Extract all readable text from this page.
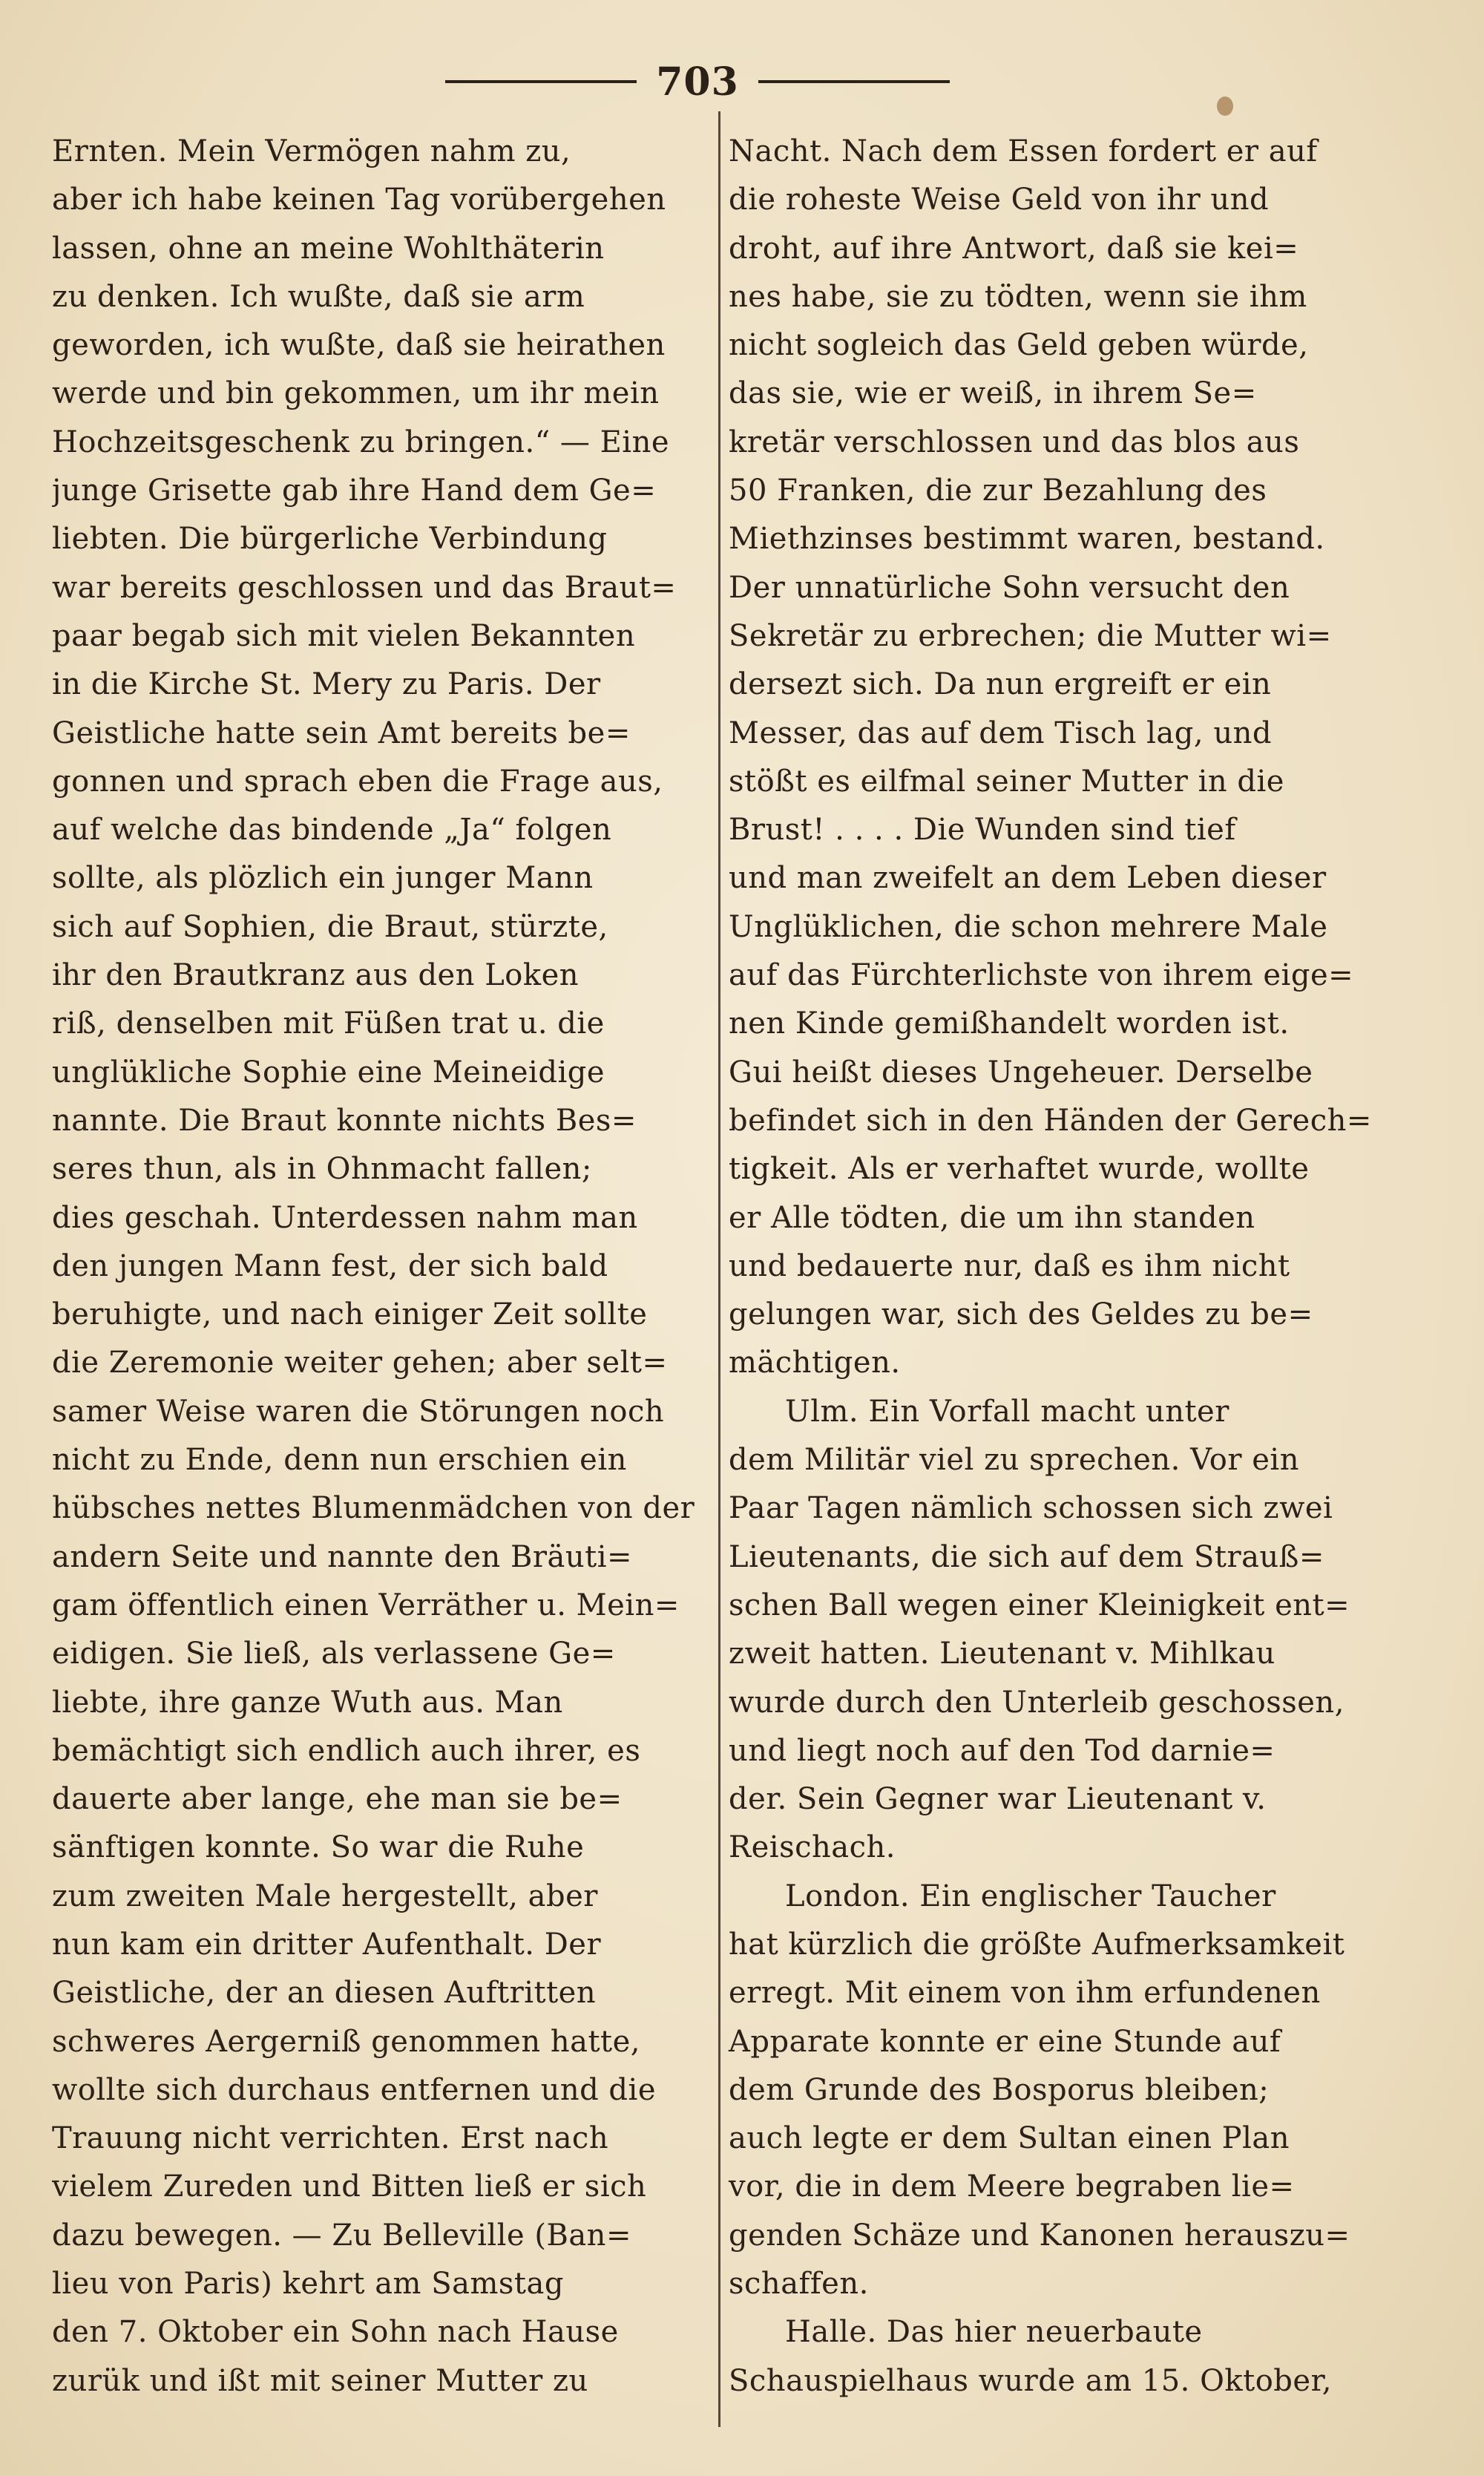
703
Ernten. Mein Vermögen nahm zu,
aber ich habe keinen Tag vorübergehen
lassen, ohne an meine Wohlthäterin
zu denken. Ich wußte, daß sie arm
geworden, ich wußte, daß sie heirathen
werde und bin gekommen, um ihr mein
Hochzeitsgeschenk zu bringen.“ — Eine
junge Grisette gab ihre Hand dem Ge=
liebten. Die bürgerliche Verbindung
war bereits geschlossen und das Braut=
paar begab sich mit vielen Bekannten
in die Kirche St. Mery zu Paris. Der
Geistliche hatte sein Amt bereits be=
gonnen und sprach eben die Frage aus,
auf welche das bindende „Ja“ folgen
sollte, als plözlich ein junger Mann
sich auf Sophien, die Braut, stürzte,
ihr den Brautkranz aus den Loken
riß, denselben mit Füßen trat u. die
unglükliche Sophie eine Meineidige
nannte. Die Braut konnte nichts Bes=
seres thun, als in Ohnmacht fallen;
dies geschah. Unterdessen nahm man
den jungen Mann fest, der sich bald
beruhigte, und nach einiger Zeit sollte
die Zeremonie weiter gehen; aber selt=
samer Weise waren die Störungen noch
nicht zu Ende, denn nun erschien ein
hübsches nettes Blumenmädchen von der
andern Seite und nannte den Bräuti=
gam öffentlich einen Verräther u. Mein=
eidigen. Sie ließ, als verlassene Ge=
liebte, ihre ganze Wuth aus. Man
bemächtigt sich endlich auch ihrer, es
dauerte aber lange, ehe man sie be=
sänftigen konnte. So war die Ruhe
zum zweiten Male hergestellt, aber
nun kam ein dritter Aufenthalt. Der
Geistliche, der an diesen Auftritten
schweres Aergerniß genommen hatte,
wollte sich durchaus entfernen und die
Trauung nicht verrichten. Erst nach
vielem Zureden und Bitten ließ er sich
dazu bewegen. — Zu Belleville (Ban=
lieu von Paris) kehrt am Samstag
den 7. Oktober ein Sohn nach Hause
zurük und ißt mit seiner Mutter zu
Nacht. Nach dem Essen fordert er auf
die roheste Weise Geld von ihr und
droht, auf ihre Antwort, daß sie kei=
nes habe, sie zu tödten, wenn sie ihm
nicht sogleich das Geld geben würde,
das sie, wie er weiß, in ihrem Se=
kretär verschlossen und das blos aus
50 Franken, die zur Bezahlung des
Miethzinses bestimmt waren, bestand.
Der unnatürliche Sohn versucht den
Sekretär zu erbrechen; die Mutter wi=
dersezt sich. Da nun ergreift er ein
Messer, das auf dem Tisch lag, und
stößt es eilfmal seiner Mutter in die
Brust! . . . . Die Wunden sind tief
und man zweifelt an dem Leben dieser
Unglüklichen, die schon mehrere Male
auf das Fürchterlichste von ihrem eige=
nen Kinde gemißhandelt worden ist.
Gui heißt dieses Ungeheuer. Derselbe
befindet sich in den Händen der Gerech=
tigkeit. Als er verhaftet wurde, wollte
er Alle tödten, die um ihn standen
und bedauerte nur, daß es ihm nicht
gelungen war, sich des Geldes zu be=
mächtigen.
Ulm. Ein Vorfall macht unter
dem Militär viel zu sprechen. Vor ein
Paar Tagen nämlich schossen sich zwei
Lieutenants, die sich auf dem Strauß=
schen Ball wegen einer Kleinigkeit ent=
zweit hatten. Lieutenant v. Mihlkau
wurde durch den Unterleib geschossen,
und liegt noch auf den Tod darnie=
der. Sein Gegner war Lieutenant v.
Reischach.
London. Ein englischer Taucher
hat kürzlich die größte Aufmerksamkeit
erregt. Mit einem von ihm erfundenen
Apparate konnte er eine Stunde auf
dem Grunde des Bosporus bleiben;
auch legte er dem Sultan einen Plan
vor, die in dem Meere begraben lie=
genden Schäze und Kanonen herauszu=
schaffen.
Halle. Das hier neuerbaute
Schauspielhaus wurde am 15. Oktober,
